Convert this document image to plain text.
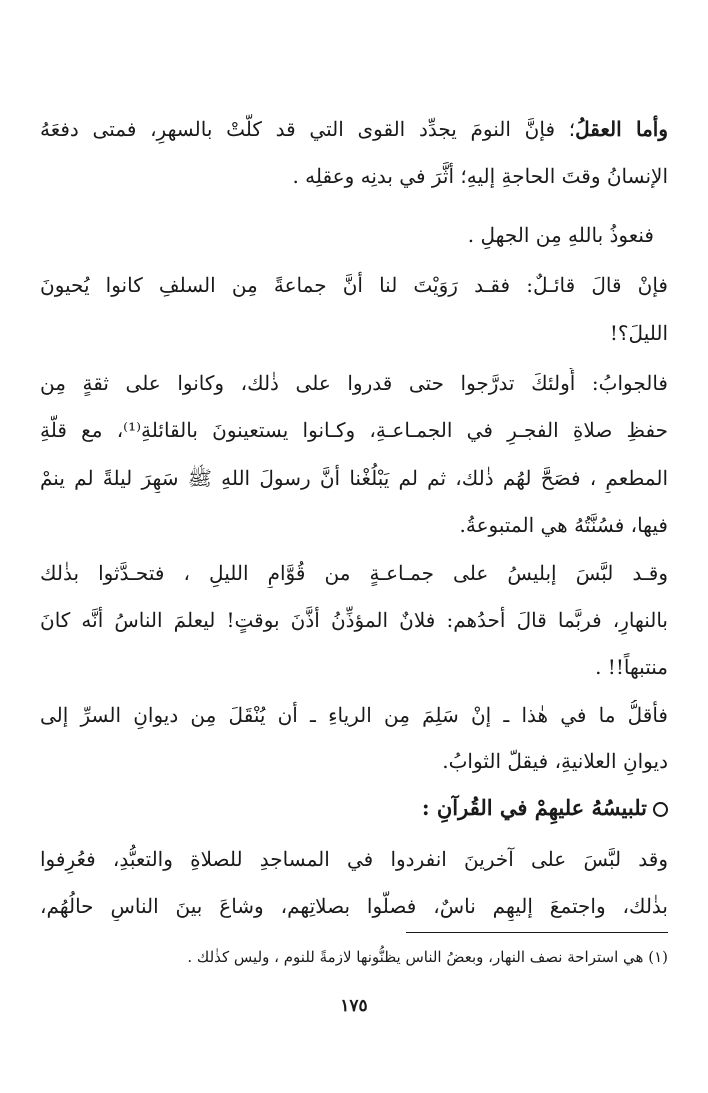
وأما العقلُ؛ فإنَّ النومَ يجدِّد القوى التي قد كلَّتْ بالسهرِ، فمتى دفعَهُ
الإنسانُ وقتَ الحاجةِ إليهِ؛ أثَّرَ في بدنِه وعقلِه .
فنعوذُ باللهِ مِن الجهلِ .
فإنْ قالَ قائـلٌ: فقـد رَوَيْتَ لنا أنَّ جماعةً مِن السلفِ كانوا يُحيونَ
الليلَ؟!
فالجوابُ: أُولئكَ تدرَّجوا حتى قدروا على ذٰلك، وكانوا على ثقةٍ مِن
حفظِ صلاةِ الفجـرِ في الجمـاعـةِ، وكـانوا يستعينونَ بالقائلةِ⁽¹⁾، مع قلَّةِ
المطعمِ ، فصَحَّ لهُم ذٰلك، ثم لم يَبْلُغْنا أنَّ رسولَ اللهِ ﷺ سَهِرَ ليلةً لم ينمْ
فيها، فسُنَّتُهُ هي المتبوعةُ.
وقـد لبَّسَ إبليسُ على جمـاعـةٍ من قُوَّامِ الليلِ ، فتحـدَّثوا بذٰلك
بالنهارِ، فربَّما قالَ أحدُهم: فلانٌ المؤذِّنُ أذَّنَ بوقتٍ! ليعلمَ الناسُ أنَّه كانَ
منتبهاً!! .
فأقلُّ ما في هٰذا ـ إنْ سَلِمَ مِن الرياءِ ـ أن يُنْقَلَ مِن ديوانِ السرِّ إلى
ديوانِ العلانيةِ، فيقلّ الثوابُ.
تلبيسُهُ عليهِمْ في القُرآنِ :
وقد لبَّسَ على آخرينَ انفردوا في المساجدِ للصلاةِ والتعبُّدِ، فعُرِفوا
بذٰلك، واجتمعَ إليهِم ناسٌ، فصلَّوا بصلاتِهم، وشاعَ بينَ الناسِ حالُهُم،
(١) هي استراحة نصف النهار، وبعضُ الناس يظنُّونها لازمةً للنوم ، وليس كذٰلك .
١٧٥
